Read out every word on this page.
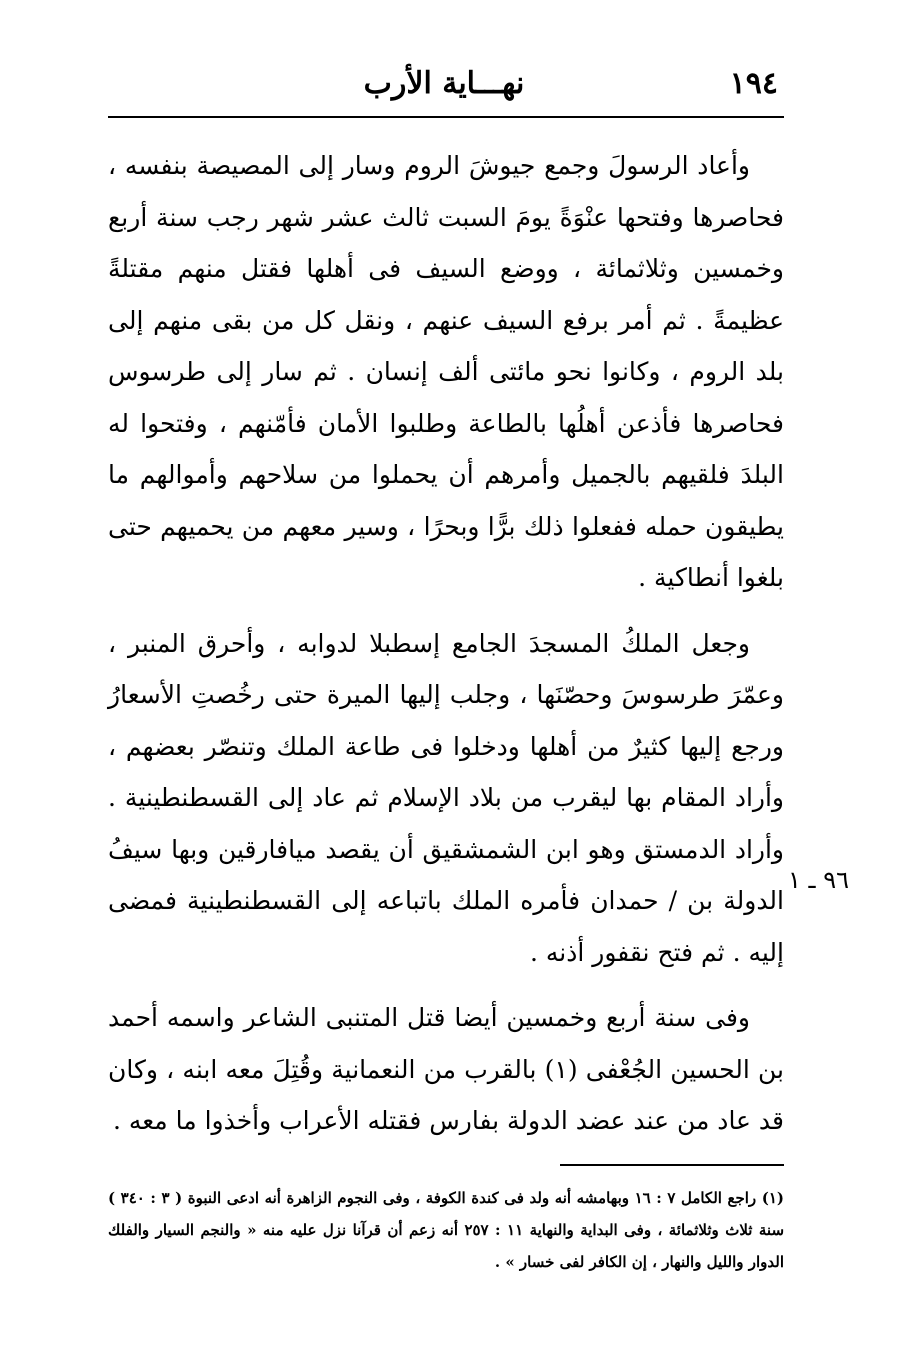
١٩٤
نهـــاية الأرب

وأعاد الرسولَ وجمع جيوشَ الروم وسار إلى المصيصة بنفسه ، فحاصرها وفتحها عنْوَةً يومَ السبت ثالث عشر شهر رجب سنة أربع وخمسين وثلاثمائة ، ووضع السيف فى أهلها فقتل منهم مقتلةً عظيمةً . ثم أمر برفع السيف عنهم ، ونقل كل من بقى منهم إلى بلد الروم ، وكانوا نحو مائتى ألف إنسان . ثم سار إلى طرسوس فحاصرها فأذعن أهلُها بالطاعة وطلبوا الأمان فأمّنهم ، وفتحوا له البلدَ فلقيهم بالجميل وأمرهم أن يحملوا من سلاحهم وأموالهم ما يطيقون حمله ففعلوا ذلك برًّا وبحرًا ، وسير معهم من يحميهم حتى بلغوا أنطاكية .

وجعل الملكُ المسجدَ الجامع إسطبلا لدوابه ، وأحرق المنبر ، وعمّرَ طرسوسَ وحصّنَها ، وجلب إليها الميرة حتى رخُصتِ الأسعارُ ورجع إليها كثيرٌ من أهلها ودخلوا فى طاعة الملك وتنصّر بعضهم ، وأراد المقام بها ليقرب من بلاد الإسلام ثم عاد إلى القسطنطينية . وأراد الدمستق وهو ابن الشمشقيق أن يقصد ميافارقين وبها سيفُ الدولة بن / حمدان فأمره الملك باتباعه إلى القسطنطينية فمضى إليه . ثم فتح نقفور أذنه .

وفى سنة أربع وخمسين أيضا قتل المتنبى الشاعر واسمه أحمد بن الحسين الجُعْفى (١) بالقرب من النعمانية وقُتِلَ معه ابنه ، وكان قد عاد من عند عضد الدولة بفارس فقتله الأعراب وأخذوا ما معه .

٩٦ ـ ١
(١) راجع الكامل ٧ : ١٦ وبهامشه أنه ولد فى كندة الكوفة ، وفى النجوم الزاهرة أنه ادعى النبوة ( ٣ : ٣٤٠ ) سنة ثلاث وثلاثمائة ، وفى البداية والنهاية ١١ : ٢٥٧ أنه زعم أن قرآنا نزل عليه منه « والنجم السيار والفلك الدوار والليل والنهار ، إن الكافر لفى خسار » .
